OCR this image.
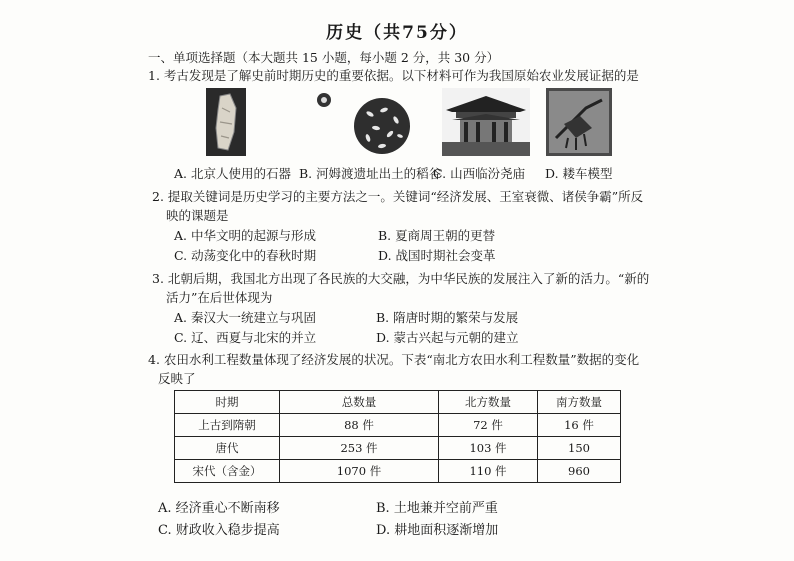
历史（共75分）
一、单项选择题（本大题共 15 小题，每小题 2 分，共 30 分）
1. 考古发现是了解史前时期历史的重要依据。以下材料可作为我国原始农业发展证据的是
A. 北京人使用的石器 B. 河姆渡遗址出土的稻谷
C. 山西临汾尧庙 D. 耧车模型
2. 提取关键词是历史学习的主要方法之一。关键词“经济发展、王室衰微、诸侯争霸”所反
映的课题是
A. 中华文明的起源与形成	B. 夏商周王朝的更替
C. 动荡变化中的春秋时期	D. 战国时期社会变革
3. 北朝后期，我国北方出现了各民族的大交融，为中华民族的发展注入了新的活力。“新的
活力”在后世体现为
A. 秦汉大一统建立与巩固	B. 隋唐时期的繁荣与发展
C. 辽、西夏与北宋的并立	D. 蒙古兴起与元朝的建立
4. 农田水利工程数量体现了经济发展的状况。下表“南北方农田水利工程数量”数据的变化
反映了
时期	总数量	北方数量	南方数量
上古到隋朝	88 件	72 件	16 件
唐代	253 件	103 件	150
宋代（含金）	1070 件	110 件	960
A. 经济重心不断南移	B. 土地兼并空前严重
C. 财政收入稳步提高	D. 耕地面积逐渐增加
